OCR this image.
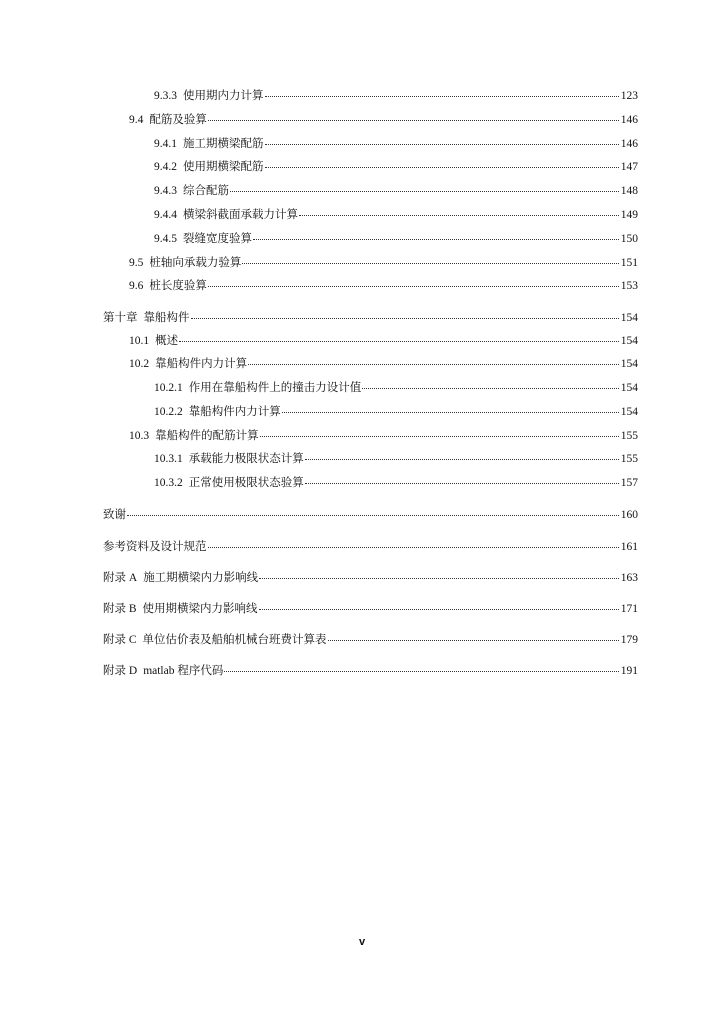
9.3.3 使用期内力计算	123
9.4 配筋及验算	146
9.4.1 施工期横梁配筋	146
9.4.2 使用期横梁配筋	147
9.4.3 综合配筋	148
9.4.4 横梁斜截面承载力计算	149
9.4.5 裂缝宽度验算	150
9.5 桩轴向承载力验算	151
9.6 桩长度验算	153
第十章 靠船构件	154
10.1 概述	154
10.2 靠船构件内力计算	154
10.2.1 作用在靠船构件上的撞击力设计值	154
10.2.2 靠船构件内力计算	154
10.3 靠船构件的配筋计算	155
10.3.1 承载能力极限状态计算	155
10.3.2 正常使用极限状态验算	157
致谢	160
参考资料及设计规范	161
附录 A 施工期横梁内力影响线	163
附录 B 使用期横梁内力影响线	171
附录 C 单位估价表及船舶机械台班费计算表	179
附录 D matlab 程序代码	191
v
